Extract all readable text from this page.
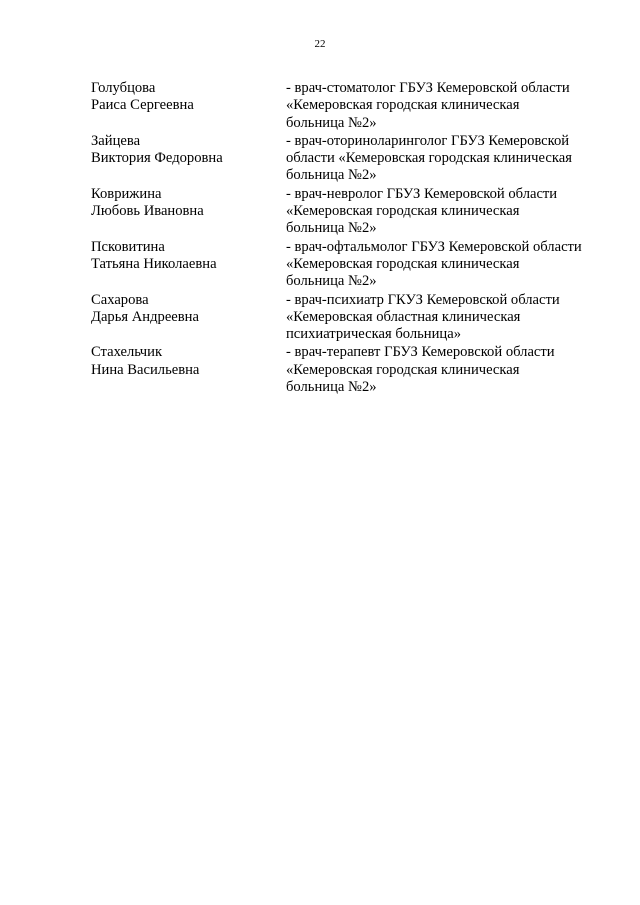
22
Голубцова
Раиса Сергеевна
- врач-стоматолог ГБУЗ Кемеровской области
«Кемеровская городская клиническая
больница №2»
Зайцева
Виктория Федоровна
- врач-оториноларинголог ГБУЗ Кемеровской
области «Кемеровская городская клиническая
больница №2»
Коврижина
Любовь Ивановна
- врач-невролог ГБУЗ Кемеровской области
«Кемеровская городская клиническая
больница №2»
Псковитина
Татьяна Николаевна
- врач-офтальмолог ГБУЗ Кемеровской области
«Кемеровская городская клиническая
больница №2»
Сахарова
Дарья Андреевна
- врач-психиатр ГКУЗ Кемеровской области
«Кемеровская областная клиническая
психиатрическая больница»
Стахельчик
Нина Васильевна
- врач-терапевт ГБУЗ Кемеровской области
«Кемеровская городская клиническая
больница №2»
